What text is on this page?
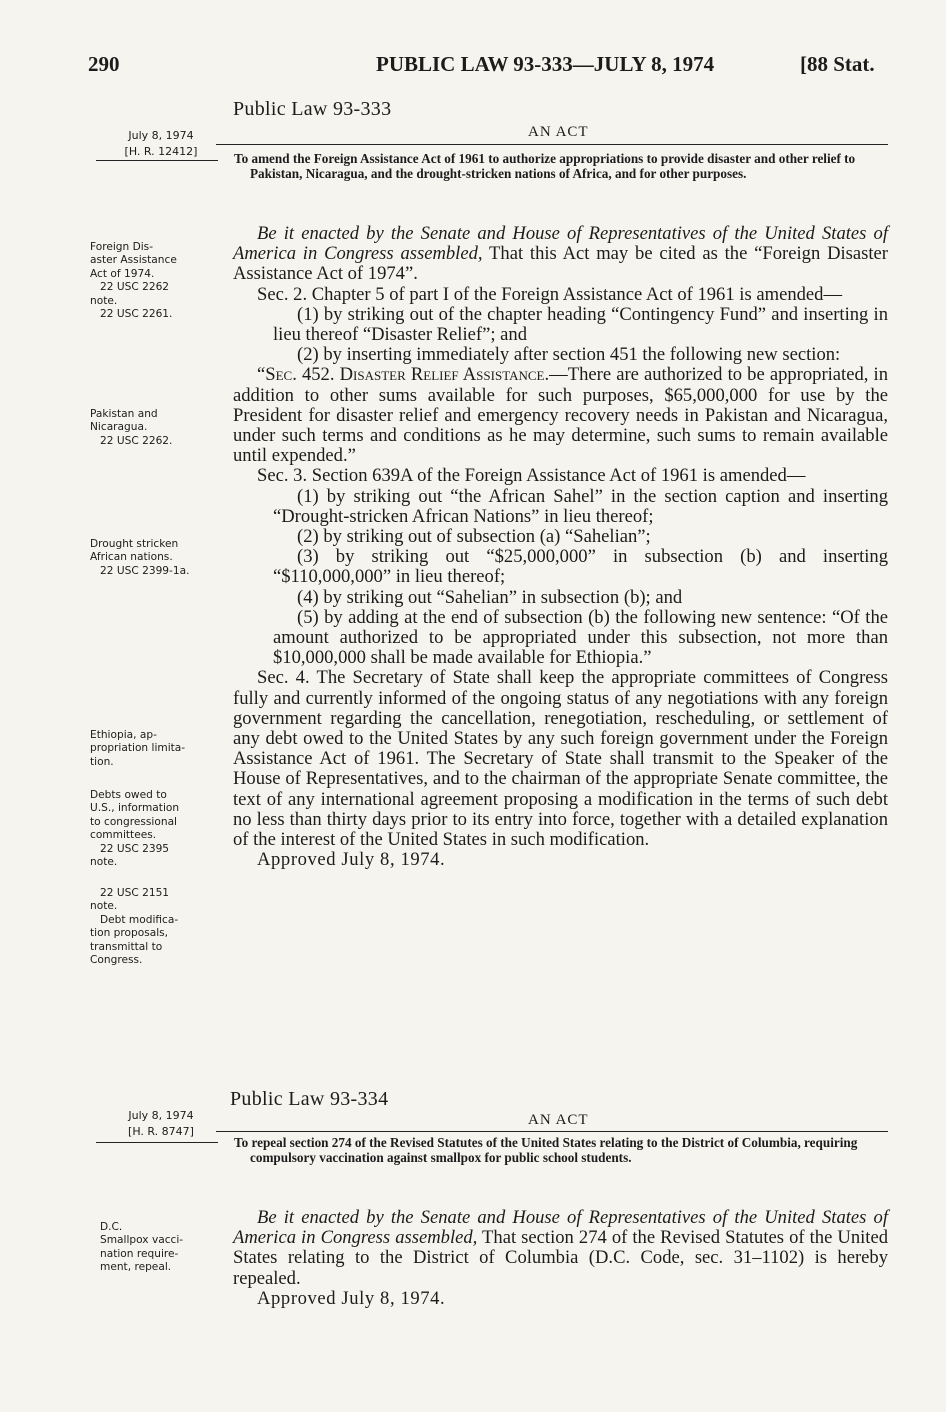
290	PUBLIC LAW 93-333—JULY 8, 1974	[88 Stat.
Public Law 93-333
AN ACT
July 8, 1974
[H. R. 12412]	To amend the Foreign Assistance Act of 1961 to authorize appropriations to provide disaster and other relief to Pakistan, Nicaragua, and the drought-stricken nations of Africa, and for other purposes.
Foreign Dis-
aster Assistance
Act of 1974.
22 USC 2262
note.
22 USC 2261.
Pakistan and
Nicaragua.
22 USC 2262.
Drought stricken
African nations.
22 USC 2399-1a.
Ethiopia, ap-
propriation limita-
tion.
Debts owed to
U.S., information
to congressional
committees.
22 USC 2395
note.
22 USC 2151
note.
Debt modifica-
tion proposals,
transmittal to
Congress.

Be it enacted by the Senate and House of Representatives of the United States of America in Congress assembled, That this Act may be cited as the “Foreign Disaster Assistance Act of 1974”.

Sec. 2. Chapter 5 of part I of the Foreign Assistance Act of 1961 is amended—

(1) by striking out of the chapter heading “Contingency Fund” and inserting in lieu thereof “Disaster Relief”; and

(2) by inserting immediately after section 451 the following new section:

“Sec. 452. Disaster Relief Assistance.—There are authorized to be appropriated, in addition to other sums available for such purposes, $65,000,000 for use by the President for disaster relief and emergency recovery needs in Pakistan and Nicaragua, under such terms and conditions as he may determine, such sums to remain available until expended.”

Sec. 3. Section 639A of the Foreign Assistance Act of 1961 is amended—

(1) by striking out “the African Sahel” in the section caption and inserting “Drought-stricken African Nations” in lieu thereof;

(2) by striking out of subsection (a) “Sahelian”;

(3) by striking out “$25,000,000” in subsection (b) and inserting “$110,000,000” in lieu thereof;

(4) by striking out “Sahelian” in subsection (b); and

(5) by adding at the end of subsection (b) the following new sentence: “Of the amount authorized to be appropriated under this subsection, not more than $10,000,000 shall be made available for Ethiopia.”

Sec. 4. The Secretary of State shall keep the appropriate committees of Congress fully and currently informed of the ongoing status of any negotiations with any foreign government regarding the cancellation, renegotiation, rescheduling, or settlement of any debt owed to the United States by any such foreign government under the Foreign Assistance Act of 1961. The Secretary of State shall transmit to the Speaker of the House of Representatives, and to the chairman of the appropriate Senate committee, the text of any international agreement proposing a modification in the terms of such debt no less than thirty days prior to its entry into force, together with a detailed explanation of the interest of the United States in such modification.

Approved July 8, 1974.

Public Law 93-334
AN ACT
July 8, 1974
[H. R. 8747]
To repeal section 274 of the Revised Statutes of the United States relating to the District of Columbia, requiring compulsory vaccination against smallpox for public school students.
D.C.
Smallpox vacci-
nation require-
ment, repeal.

Be it enacted by the Senate and House of Representatives of the United States of America in Congress assembled, That section 274 of the Revised Statutes of the United States relating to the District of Columbia (D.C. Code, sec. 31–1102) is hereby repealed.

Approved July 8, 1974.
